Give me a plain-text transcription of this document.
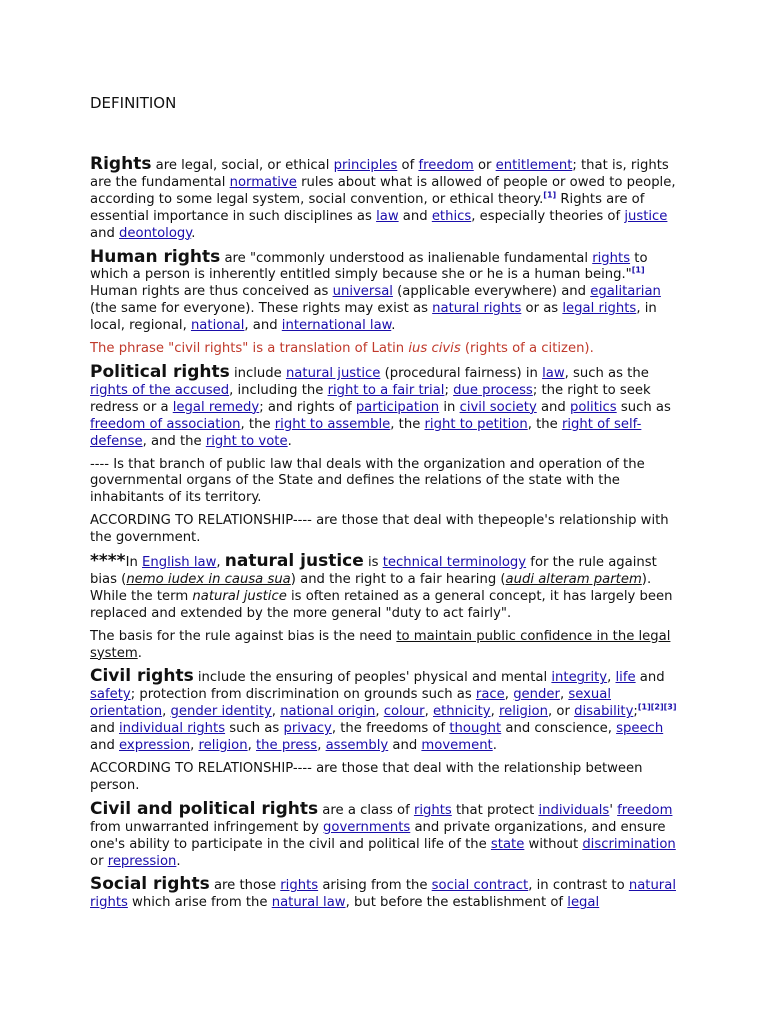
DEFINITION

Rights are legal, social, or ethical principles of freedom or entitlement; that is, rights are the fundamental normative rules about what is allowed of people or owed to people, according to some legal system, social convention, or ethical theory.[1] Rights are of essential importance in such disciplines as law and ethics, especially theories of justice and deontology.

Human rights are "commonly understood as inalienable fundamental rights to which a person is inherently entitled simply because she or he is a human being."[1] Human rights are thus conceived as universal (applicable everywhere) and egalitarian (the same for everyone). These rights may exist as natural rights or as legal rights, in local, regional, national, and international law.

The phrase "civil rights" is a translation of Latin ius civis (rights of a citizen).

Political rights include natural justice (procedural fairness) in law, such as the rights of the accused, including the right to a fair trial; due process; the right to seek redress or a legal remedy; and rights of participation in civil society and politics such as freedom of association, the right to assemble, the right to petition, the right of self-defense, and the right to vote.

---- Is that branch of public law thal deals with the organization and operation of the governmental organs of the State and defines the relations of the state with the inhabitants of its territory.

ACCORDING TO RELATIONSHIP---- are those that deal with thepeople's relationship with the government.

****In English law, natural justice is technical terminology for the rule against bias (nemo iudex in causa sua) and the right to a fair hearing (audi alteram partem). While the term natural justice is often retained as a general concept, it has largely been replaced and extended by the more general "duty to act fairly".

The basis for the rule against bias is the need to maintain public confidence in the legal system.

Civil rights include the ensuring of peoples' physical and mental integrity, life and safety; protection from discrimination on grounds such as race, gender, sexual orientation, gender identity, national origin, colour, ethnicity, religion, or disability;[1][2][3] and individual rights such as privacy, the freedoms of thought and conscience, speech and expression, religion, the press, assembly and movement.

ACCORDING TO RELATIONSHIP---- are those that deal with the relationship between person.

Civil and political rights are a class of rights that protect individuals' freedom from unwarranted infringement by governments and private organizations, and ensure one's ability to participate in the civil and political life of the state without discrimination or repression.

Social rights are those rights arising from the social contract, in contrast to natural rights which arise from the natural law, but before the establishment of legal
